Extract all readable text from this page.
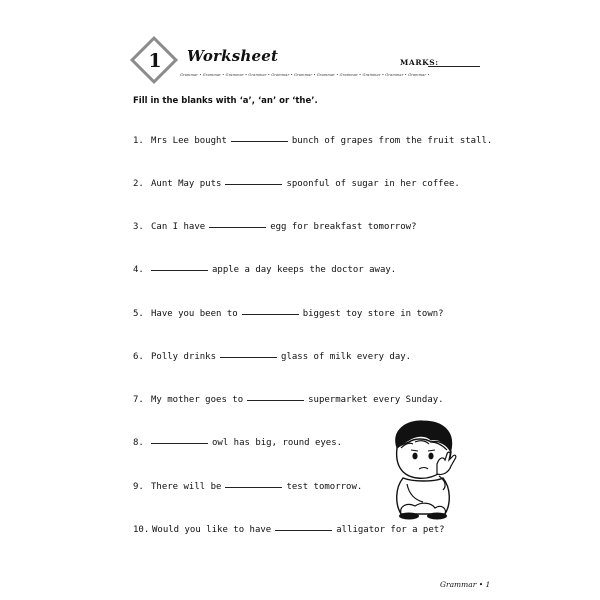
1	Worksheet	MARKS:
Grammar • Grammar • Grammar • Grammar • Grammar • Grammar • Grammar • Grammar • Grammar • Grammar • Grammar •
Fill in the blanks with ‘a’, ‘an’ or ‘the’.
1. Mrs Lee bought	bunch of grapes from the fruit stall.
2. Aunt May puts	spoonful of sugar in her coffee.
3. Can I have	egg for breakfast tomorrow?
4.	apple a day keeps the doctor away.
5. Have you been to	biggest toy store in town?
6. Polly drinks	glass of milk every day.
7. My mother goes to	supermarket every Sunday.
8.	owl has big, round eyes.
9. There will be	test tomorrow.
10. Would you like to have	alligator for a pet?
Grammar • 1
